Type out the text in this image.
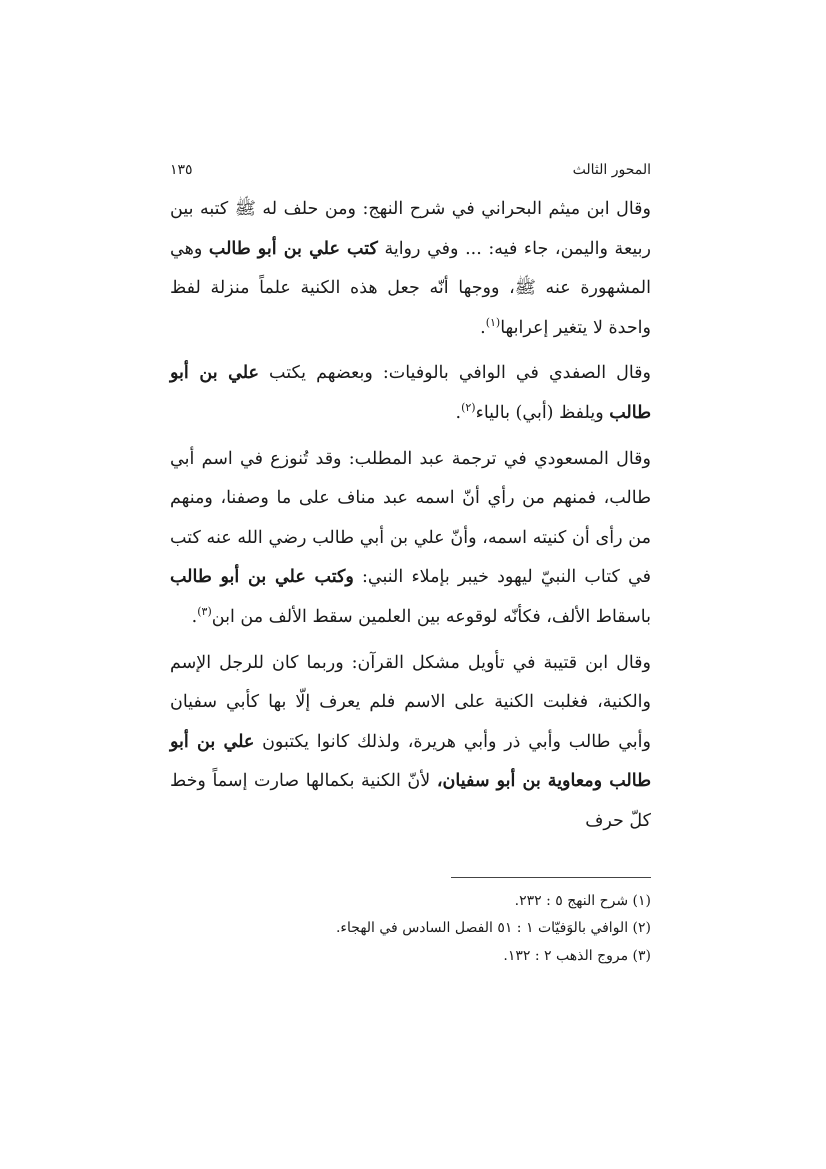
المحور الثالث
١٣٥

وقال ابن ميثم البحراني في شرح النهج: ومن حلف له ﷺ كتبه بين ربيعة واليمن، جاء فيه: ... وفي رواية كتب علي بن أبو طالب وهي المشهورة عنه ﷺ، ووجها أنّه جعل هذه الكنية علماً منزلة لفظ واحدة لا يتغير إعرابها$^{(١)}$.

وقال الصفدي في الوافي بالوفيات: وبعضهم يكتب علي بن أبو طالب ويلفظ (أبي) بالياء$^{(٢)}$.

وقال المسعودي في ترجمة عبد المطلب: وقد تُنوزع في اسم أبي طالب، فمنهم من رأي أنّ اسمه عبد مناف على ما وصفنا، ومنهم من رأى أن كنيته اسمه، وأنّ علي بن أبي طالب رضي الله عنه كتب في كتاب النبيّ ليهود خيبر بإملاء النبي: وكتب علي بن أبو طالب باسقاط الألف، فكأنّه لوقوعه بين العلمين سقط الألف من ابن$^{(٣)}$.

وقال ابن قتيبة في تأويل مشكل القرآن: وربما كان للرجل الإسم والكنية، فغلبت الكنية على الاسم فلم يعرف إلّا بها كأبي سفيان وأبي طالب وأبي ذر وأبي هريرة، ولذلك كانوا يكتبون علي بن أبو طالب ومعاوية بن أبو سفيان، لأنّ الكنية بكمالها صارت إسماً وخط كلّ حرف

(١) شرح النهج ٥ : ٢٣٢.
(٢) الوافي بالوَفيّات ١ : ٥١ الفصل السادس في الهجاء.
(٣) مروج الذهب ٢ : ١٣٢.
